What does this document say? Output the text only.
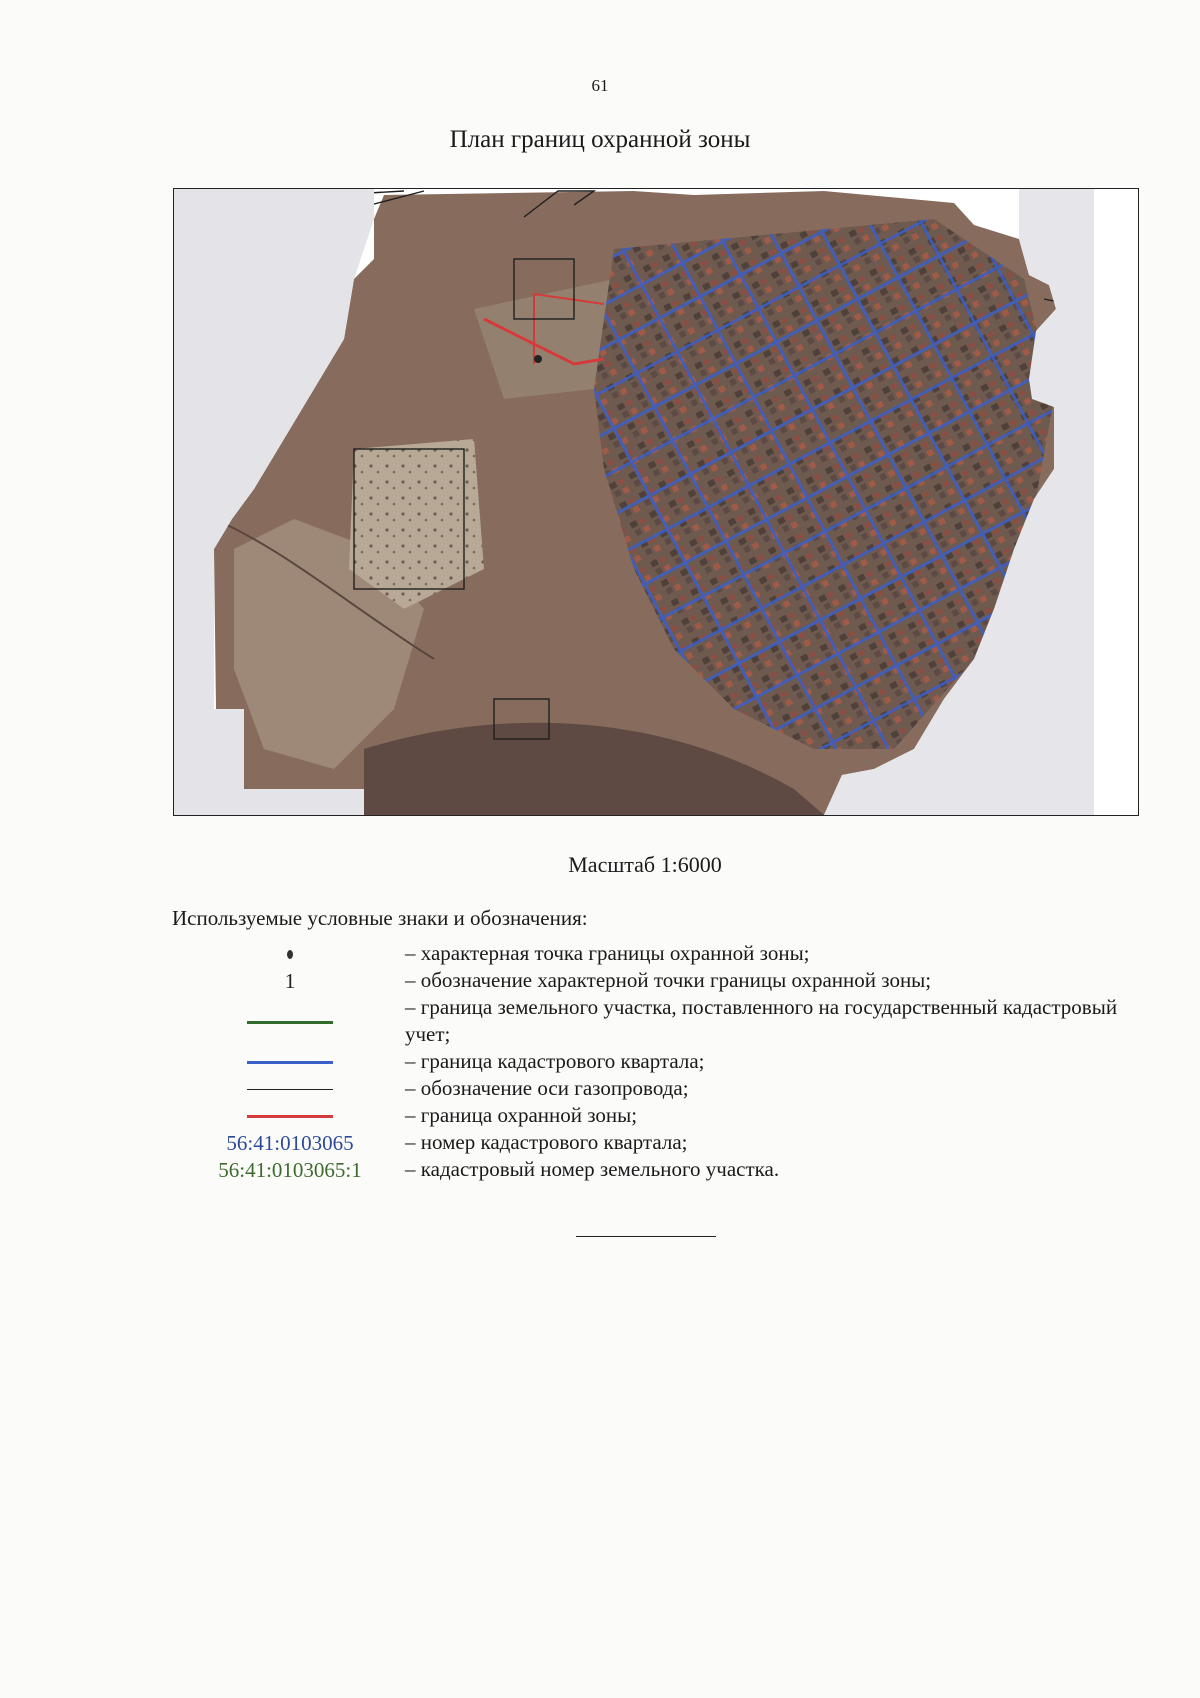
61
План границ охранной зоны
Масштаб 1:6000
Используемые условные знаки и обозначения:
– характерная точка границы охранной зоны;
1	– обозначение характерной точки границы охранной зоны;
– граница земельного участка, поставленного на государственный кадастровый учет;
– граница кадастрового квартала;
– обозначение оси газопровода;
– граница охранной зоны;
56:41:0103065 – номер кадастрового квартала;
56:41:0103065:1 – кадастровый номер земельного участка.
